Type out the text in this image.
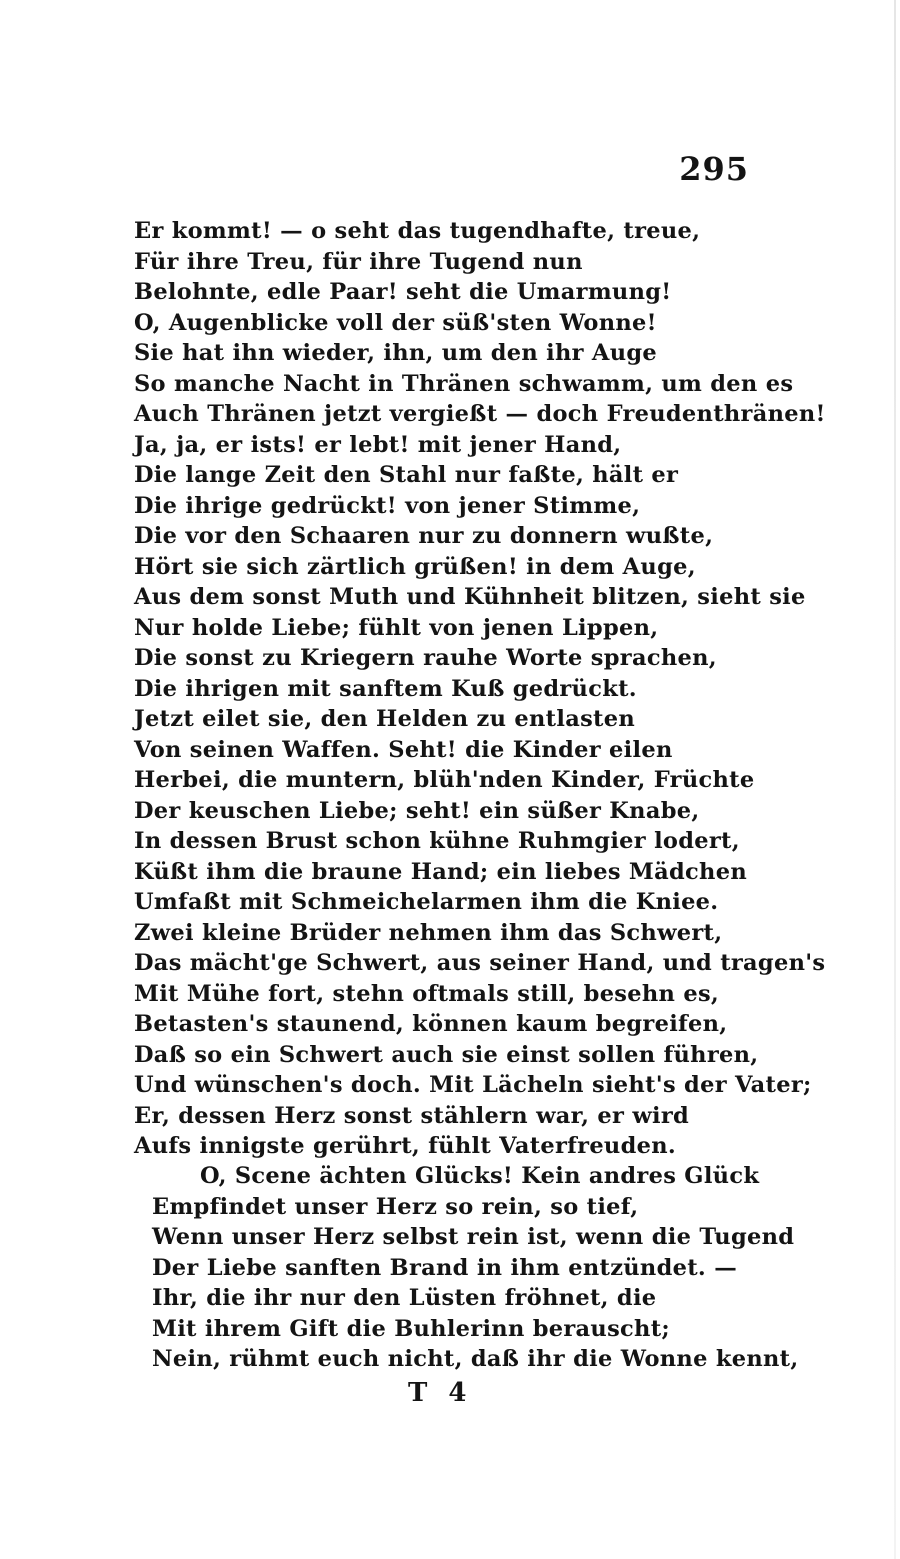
295
Er kommt! — o seht das tugendhafte, treue,
Für ihre Treu, für ihre Tugend nun
Belohnte, edle Paar! seht die Umarmung!
O, Augenblicke voll der süß'sten Wonne!
Sie hat ihn wieder, ihn, um den ihr Auge
So manche Nacht in Thränen schwamm, um den es
Auch Thränen jetzt vergießt — doch Freudenthränen!
Ja, ja, er ists! er lebt! mit jener Hand,
Die lange Zeit den Stahl nur faßte, hält er
Die ihrige gedrückt! von jener Stimme,
Die vor den Schaaren nur zu donnern wußte,
Hört sie sich zärtlich grüßen! in dem Auge,
Aus dem sonst Muth und Kühnheit blitzen, sieht sie
Nur holde Liebe; fühlt von jenen Lippen,
Die sonst zu Kriegern rauhe Worte sprachen,
Die ihrigen mit sanftem Kuß gedrückt.
Jetzt eilet sie, den Helden zu entlasten
Von seinen Waffen. Seht! die Kinder eilen
Herbei, die muntern, blüh'nden Kinder, Früchte
Der keuschen Liebe; seht! ein süßer Knabe,
In dessen Brust schon kühne Ruhmgier lodert,
Küßt ihm die braune Hand; ein liebes Mädchen
Umfaßt mit Schmeichelarmen ihm die Kniee.
Zwei kleine Brüder nehmen ihm das Schwert,
Das mächt'ge Schwert, aus seiner Hand, und tragen's
Mit Mühe fort, stehn oftmals still, besehn es,
Betasten's staunend, können kaum begreifen,
Daß so ein Schwert auch sie einst sollen führen,
Und wünschen's doch. Mit Lächeln sieht's der Vater;
Er, dessen Herz sonst stählern war, er wird
Aufs innigste gerührt, fühlt Vaterfreuden.
O, Scene ächten Glücks! Kein andres Glück
Empfindet unser Herz so rein, so tief,
Wenn unser Herz selbst rein ist, wenn die Tugend
Der Liebe sanften Brand in ihm entzündet. —
Ihr, die ihr nur den Lüsten fröhnet, die
Mit ihrem Gift die Buhlerinn berauscht;
Nein, rühmt euch nicht, daß ihr die Wonne kennt,
T 4
